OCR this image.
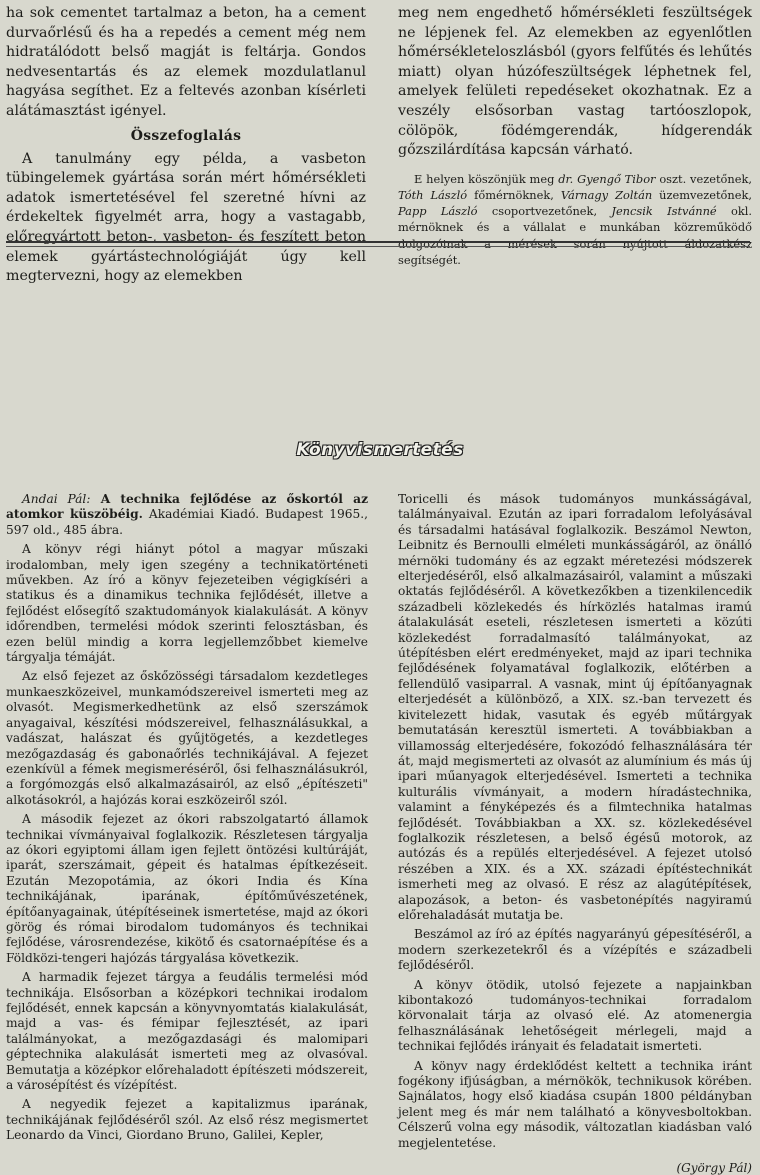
ha sok cementet tartalmaz a beton, ha a cement durvaőrlésű és ha a repedés a cement még nem hidratálódott belső magját is feltárja. Gondos nedvesentartás és az elemek mozdulatlanul hagyása segíthet. Ez a feltevés azonban kísérleti alátámasztást igényel.

Összefoglalás

A tanulmány egy példa, a vasbeton tübingelemek gyártása során mért hőmérsékleti adatok ismertetésével fel szeretné hívni az érdekeltek figyelmét arra, hogy a vastagabb, előregyártott beton-, vasbeton- és feszített beton elemek gyártástechnológiáját úgy kell megtervezni, hogy az elemekben

meg nem engedhető hőmérsékleti feszültségek ne lépjenek fel. Az elemekben az egyenlőtlen hőmérsékleteloszlásból (gyors felfűtés és lehűtés miatt) olyan húzófeszültségek léphetnek fel, amelyek felületi repedéseket okozhatnak. Ez a veszély elsősorban vastag tartóoszlopok, cölöpök, födémgerendák, hídgerendák gőzszilárdítása kapcsán várható.

E helyen köszönjük meg dr. Gyengő Tibor oszt. vezetőnek, Tóth László főmérnöknek, Várnagy Zoltán üzemvezetőnek, Papp László csoportvezetőnek, Jencsik Istvánné okl. mérnöknek és a vállalat e munkában közreműködő dolgozóinak a mérések során nyújtott áldozatkész segítségét.

Könyvismertetés

Andai Pál: A technika fejlődése az őskortól az atomkor küszöbéig. Akadémiai Kiadó. Budapest 1965., 597 old., 485 ábra.

A könyv régi hiányt pótol a magyar műszaki irodalomban, mely igen szegény a technikatörténeti művekben. Az író a könyv fejezeteiben végigkíséri a statikus és a dinamikus technika fejlődését, illetve a fejlődést elősegítő szaktudományok kialakulását. A könyv időrendben, termelési módok szerinti felosztásban, és ezen belül mindig a korra legjellemzőbbet kiemelve tárgyalja témáját.

Az első fejezet az őskőzösségi társadalom kezdetleges munkaeszközeivel, munkamódszereivel ismerteti meg az olvasót. Megismerkedhetünk az első szerszámok anyagaival, készítési módszereivel, felhasználásukkal, a vadászat, halászat és gyűjtögetés, a kezdetleges mezőgazdaság és gabonaőrlés technikájával. A fejezet ezenkívül a fémek megismeréséről, ősi felhasználásukról, a forgómozgás első alkalmazásairól, az első „építészeti" alkotásokról, a hajózás korai eszközeiről szól.

A második fejezet az ókori rabszolgatartó államok technikai vívmányaival foglalkozik. Részletesen tárgyalja az ókori egyiptomi állam igen fejlett öntözési kultúráját, iparát, szerszámait, gépeit és hatalmas építkezéseit. Ezután Mezopotámia, az ókori India és Kína technikájának, iparának, építőművészetének, építőanyagainak, útépítéseinek ismertetése, majd az ókori görög és római birodalom tudományos és technikai fejlődése, városrendezése, kikötő és csatornaépítése és a Földközi-tengeri hajózás tárgyalása következik.

A harmadik fejezet tárgya a feudális termelési mód technikája. Elsősorban a középkori technikai irodalom fejlődését, ennek kapcsán a könyvnyomtatás kialakulását, majd a vas- és fémipar fejlesztését, az ipari találmányokat, a mezőgazdasági és malomipari géptechnika alakulását ismerteti meg az olvasóval. Bemutatja a középkor előrehaladott építészeti módszereit, a városépítést és vízépítést.

A negyedik fejezet a kapitalizmus iparának, technikájának fejlődéséről szól. Az első rész megismertet Leonardo da Vinci, Giordano Bruno, Galilei, Kepler,

Toricelli és mások tudományos munkásságával, találmányaival. Ezután az ipari forradalom lefolyásával és társadalmi hatásával foglalkozik. Beszámol Newton, Leibnitz és Bernoulli elméleti munkásságáról, az önálló mérnöki tudomány és az egzakt méretezési módszerek elterjedéséről, első alkalmazásairól, valamint a műszaki oktatás fejlődéséről. A következőkben a tizenkilencedik századbeli közlekedés és hírközlés hatalmas iramú átalakulását eseteli, részletesen ismerteti a közúti közlekedést forradalmasító találmányokat, az útépítésben elért eredményeket, majd az ipari technika fejlődésének folyamatával foglalkozik, előtérben a fellendülő vasiparral. A vasnak, mint új építőanyagnak elterjedését a különböző, a XIX. sz.-ban tervezett és kivitelezett hidak, vasutak és egyéb műtárgyak bemutatásán keresztül ismerteti. A továbbiakban a villamosság elterjedésére, fokozódó felhasználására tér át, majd megismerteti az olvasót az alumínium és más új ipari műanyagok elterjedésével. Ismerteti a technika kulturális vívmányait, a modern híradástechnika, valamint a fényképezés és a filmtechnika hatalmas fejlődését. Továbbiakban a XX. sz. közlekedésével foglalkozik részletesen, a belső égésű motorok, az autózás és a repülés elterjedésével. A fejezet utolsó részében a XIX. és a XX. századi építéstechnikát ismerheti meg az olvasó. E rész az alagútépítések, alapozások, a beton- és vasbetonépítés nagyiramú előrehaladását mutatja be.

Beszámol az író az építés nagyarányú gépesítéséről, a modern szerkezetekről és a vízépítés e századbeli fejlődéséről.

A könyv ötödik, utolsó fejezete a napjainkban kibontakozó tudományos-technikai forradalom körvonalait tárja az olvasó elé. Az atomenergia felhasználásának lehetőségeit mérlegeli, majd a technikai fejlődés irányait és feladatait ismerteti.

A könyv nagy érdeklődést keltett a technika iránt fogékony ifjúságban, a mérnökök, technikusok körében. Sajnálatos, hogy első kiadása csupán 1800 példányban jelent meg és már nem található a könyvesboltokban. Célszerű volna egy második, változatlan kiadásban való megjelentetése.

(György Pál)
